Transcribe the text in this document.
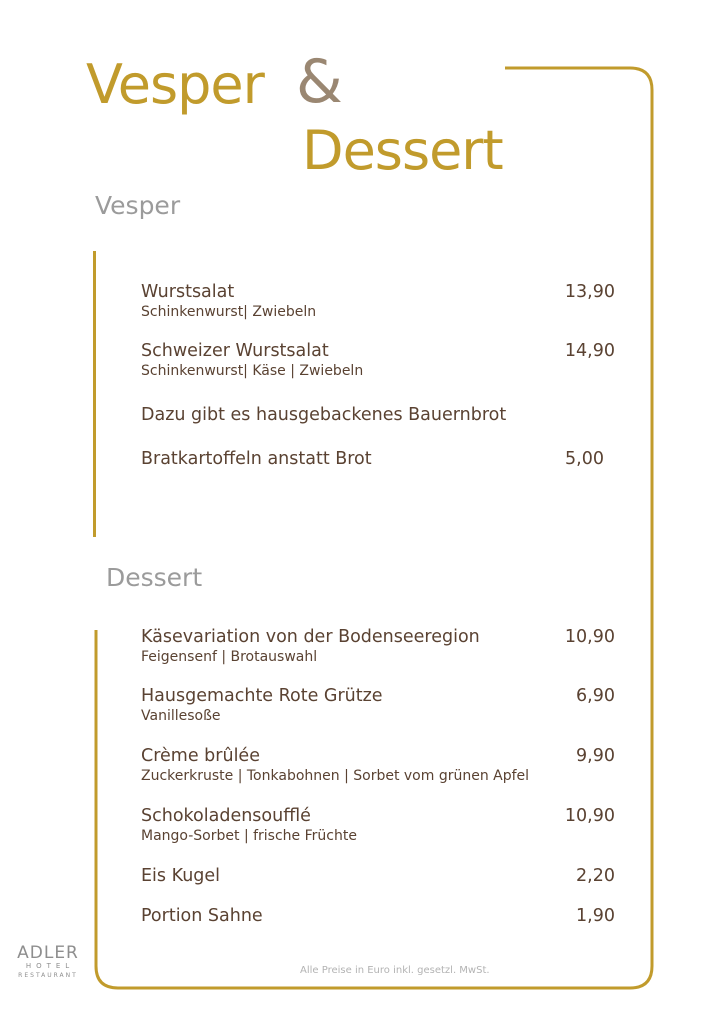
Vesper &
Dessert
Vesper
Wurstsalat
Schinkenwurst| Zwiebeln
13,90
Schweizer Wurstsalat
Schinkenwurst| Käse | Zwiebeln
14,90
Dazu gibt es hausgebackenes Bauernbrot
Bratkartoffeln anstatt Brot	5,00
Dessert
Käsevariation von der Bodenseeregion
Feigensenf | Brotauswahl
10,90
Hausgemachte Rote Grütze
Vanillesoße
6,90
Crème brûlée
Zuckerkruste | Tonkabohnen | Sorbet vom grünen Apfel
9,90
Schokoladensoufflé
Mango-Sorbet | frische Früchte
10,90
Eis Kugel	2,20
Portion Sahne	1,90
Alle Preise in Euro inkl. gesetzl. MwSt.
ADLER
HOTEL
RESTAURANT
